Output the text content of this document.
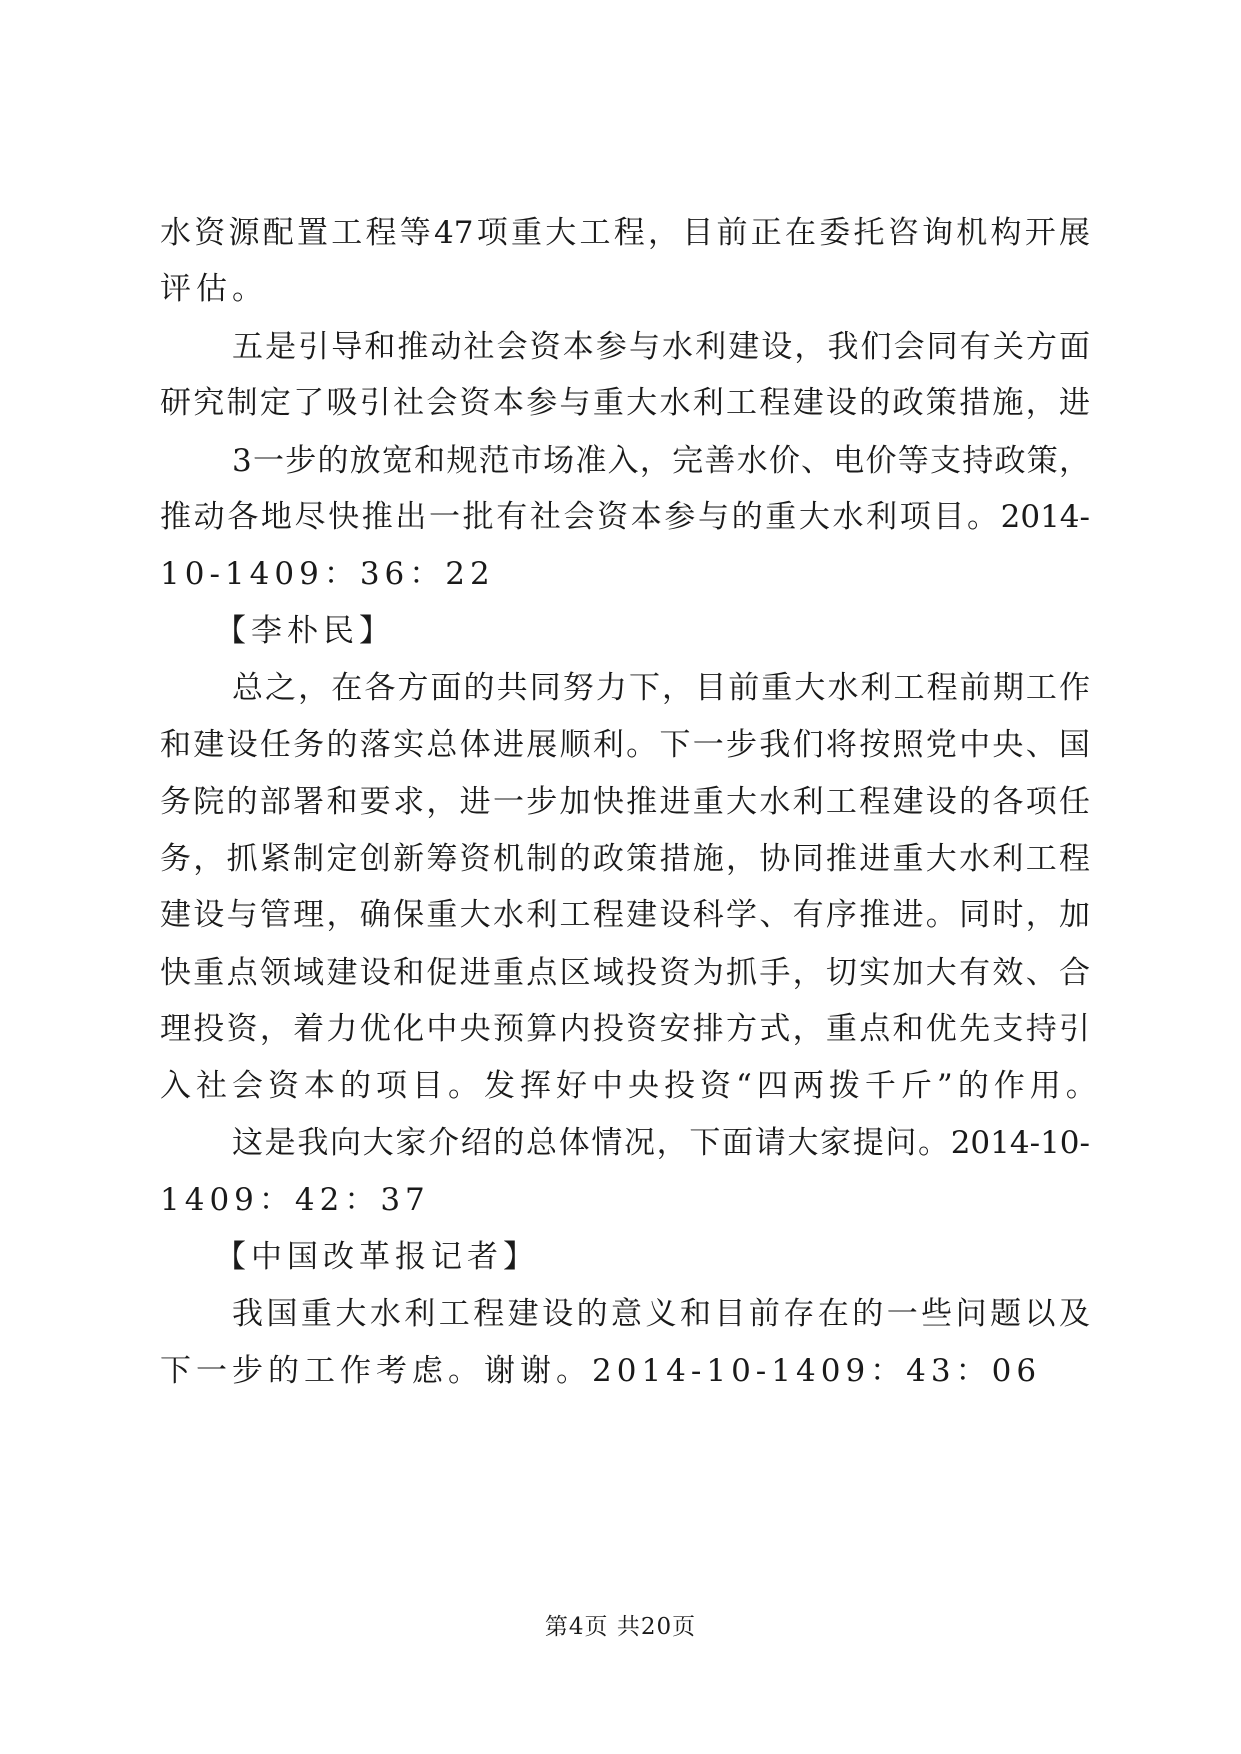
水资源配置工程等47项重大工程，目前正在委托咨询机构开展
评估。
五是引导和推动社会资本参与水利建设，我们会同有关方面
研究制定了吸引社会资本参与重大水利工程建设的政策措施，进
3一步的放宽和规范市场准入，完善水价、电价等支持政策，
推动各地尽快推出一批有社会资本参与的重大水利项目。2014-
10-1409：36：22
【李朴民】
总之，在各方面的共同努力下，目前重大水利工程前期工作
和建设任务的落实总体进展顺利。下一步我们将按照党中央、国
务院的部署和要求，进一步加快推进重大水利工程建设的各项任
务，抓紧制定创新筹资机制的政策措施，协同推进重大水利工程
建设与管理，确保重大水利工程建设科学、有序推进。同时，加
快重点领域建设和促进重点区域投资为抓手，切实加大有效、合
理投资，着力优化中央预算内投资安排方式，重点和优先支持引
入社会资本的项目。发挥好中央投资“四两拨千斤”的作用。
这是我向大家介绍的总体情况，下面请大家提问。2014-10-
1409：42：37
【中国改革报记者】
我国重大水利工程建设的意义和目前存在的一些问题以及
下一步的工作考虑。谢谢。2014-10-1409：43：06
第4页 共20页
